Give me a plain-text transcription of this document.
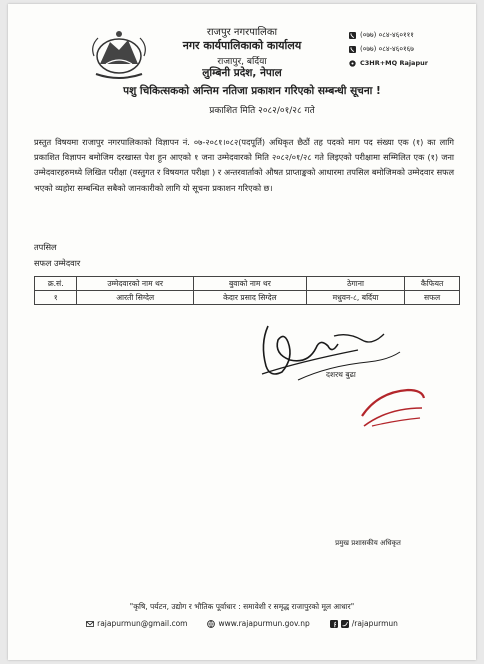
राजपुर नगरपालिका
नगर कार्यपालिकाको कार्यालय
राजापुर, बर्दिया
लुम्बिनी प्रदेश, नेपाल
पशु चिकित्सकको अन्तिम नतिजा प्रकाशन गरिएको सम्बन्धी सूचना !
प्रकाशित मिति २०८२/०१/२८ गते
(०७७) ०८४-४६०१११
(०७७) ०८४-४६०१६७
C3HR+MQ Rajapur
प्रस्तुत विषयमा राजापुर नगरपालिकाको विज्ञापन नं. ०७-२०८१।०८२(पदपूर्ति) अधिकृत छैठौं तह पदको माग पद संख्या एक (१) का लागि प्रकाशित विज्ञापन बमोजिम दरखास्त पेश हुन आएको १ जना उम्मेदवारको मिति २०८२/०१/२८ गते लिइएको परीक्षामा सम्मिलित एक (१) जना उम्मेदवारहरुमध्ये लिखित परीक्षा (वस्तुगत र विषयगत परीक्षा ) र अन्तरवार्ताको औषत प्राप्ताङ्कको आधारमा तपसिल बमोजिमको उम्मेदवार सफल भएको व्यहोरा सम्बन्धित सबैको जानकारीको लागि यो सूचना प्रकाशन गरिएको छ।
तपसिल
सफल उम्मेदवार
क्र.सं.	उम्मेदवारको नाम थर	बुवाको नाम थर	ठेगाना	कैफियत
१	आरती सिग्देल	केदार प्रसाद सिग्देल	मधुवन-८, बर्दिया	सफल
दशरथ बुढा
प्रमुख प्रशासकीय अधिकृत
"कृषि, पर्यटन, उद्योग र भौतिक पूर्वाधार : समावेशी र समृद्ध राजापुरको मूल आधार"
rajapurmun@gmail.com	www.rajapurmun.gov.np	/rajapurmun
